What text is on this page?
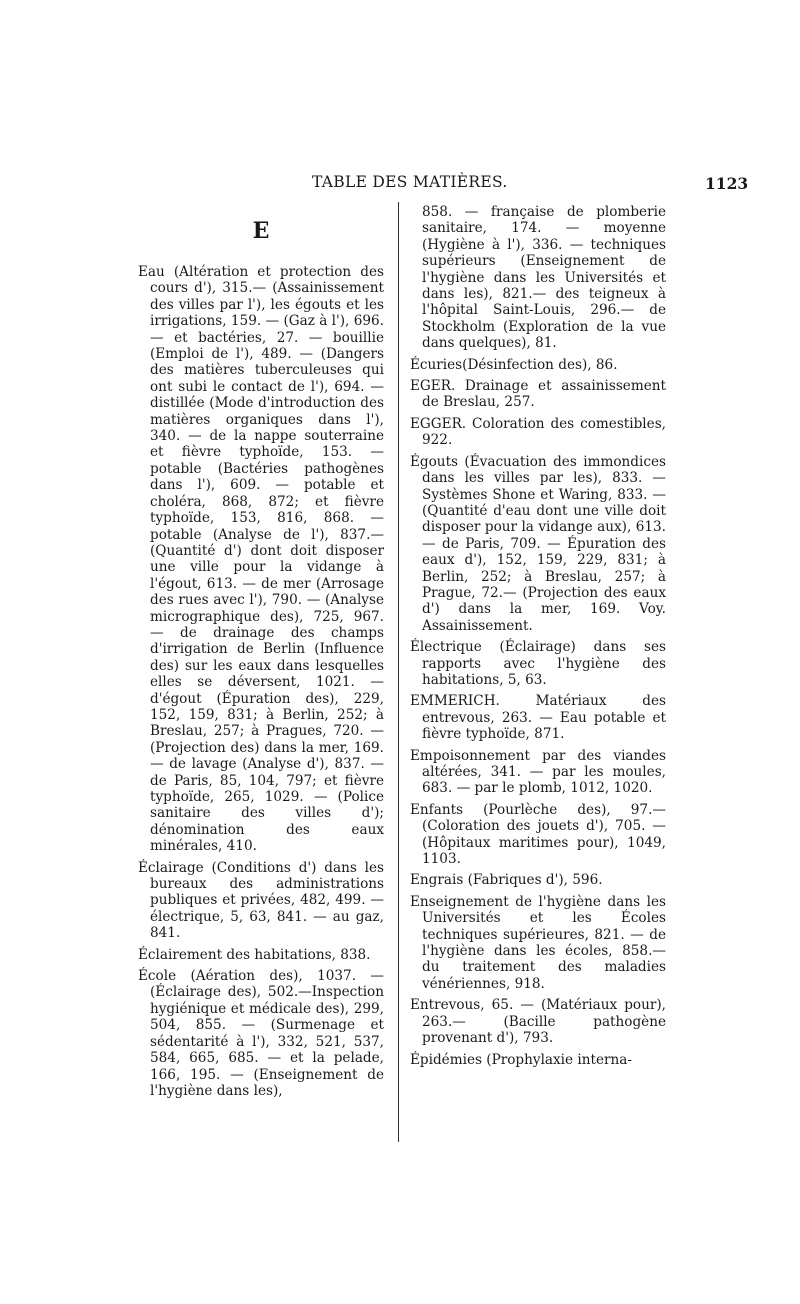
TABLE DES MATIÈRES.	1123
E

Eau (Altération et protection des cours d'), 315.— (Assainissement des villes par l'), les égouts et les irrigations, 159. — (Gaz à l'), 696. — et bactéries, 27. — bouillie (Emploi de l'), 489. — (Dangers des matières tuberculeuses qui ont subi le contact de l'), 694. — distillée (Mode d'introduction des matières organiques dans l'), 340. — de la nappe souterraine et fièvre typhoïde, 153. — potable (Bactéries pathogènes dans l'), 609. — potable et choléra, 868, 872; et fièvre typhoïde, 153, 816, 868. — potable (Analyse de l'), 837.— (Quantité d') dont doit disposer une ville pour la vidange à l'égout, 613. — de mer (Arrosage des rues avec l'), 790. — (Analyse micrographique des), 725, 967. — de drainage des champs d'irrigation de Berlin (Influence des) sur les eaux dans lesquelles elles se déversent, 1021. — d'égout (Épuration des), 229, 152, 159, 831; à Berlin, 252; à Breslau, 257; à Pragues, 720. — (Projection des) dans la mer, 169.— de lavage (Analyse d'), 837. — de Paris, 85, 104, 797; et fièvre typhoïde, 265, 1029. — (Police sanitaire des villes d'); dénomination des eaux minérales, 410.

Éclairage (Conditions d') dans les bureaux des administrations publiques et privées, 482, 499. — électrique, 5, 63, 841. — au gaz, 841.

Éclairement des habitations, 838.

École (Aération des), 1037. — (Éclairage des), 502.—Inspection hygiénique et médicale des), 299, 504, 855. — (Surmenage et sédentarité à l'), 332, 521, 537, 584, 665, 685. — et la pelade, 166, 195. — (Enseignement de l'hygiène dans les),

858. — française de plomberie sanitaire, 174. — moyenne (Hygiène à l'), 336. — techniques supérieurs (Enseignement de l'hygiène dans les Universités et dans les), 821.— des teigneux à l'hôpital Saint-Louis, 296.— de Stockholm (Exploration de la vue dans quelques), 81.

Écuries(Désinfection des), 86.

EGER. Drainage et assainissement de Breslau, 257.

EGGER. Coloration des comestibles, 922.

Égouts (Évacuation des immondices dans les villes par les), 833. — Systèmes Shone et Waring, 833. — (Quantité d'eau dont une ville doit disposer pour la vidange aux), 613. — de Paris, 709. — Épuration des eaux d'), 152, 159, 229, 831; à Berlin, 252; à Breslau, 257; à Prague, 72.— (Projection des eaux d') dans la mer, 169. Voy. Assainissement.

Électrique (Éclairage) dans ses rapports avec l'hygiène des habitations, 5, 63.

EMMERICH. Matériaux des entrevous, 263. — Eau potable et fièvre typhoïde, 871.

Empoisonnement par des viandes altérées, 341. — par les moules, 683. — par le plomb, 1012, 1020.

Enfants (Pourlèche des), 97.— (Coloration des jouets d'), 705. — (Hôpitaux maritimes pour), 1049, 1103.

Engrais (Fabriques d'), 596.

Enseignement de l'hygiène dans les Universités et les Écoles techniques supérieures, 821. — de l'hygiène dans les écoles, 858.— du traitement des maladies vénériennes, 918.

Entrevous, 65. — (Matériaux pour), 263.— (Bacille pathogène provenant d'), 793.

Épidémies (Prophylaxie interna-
